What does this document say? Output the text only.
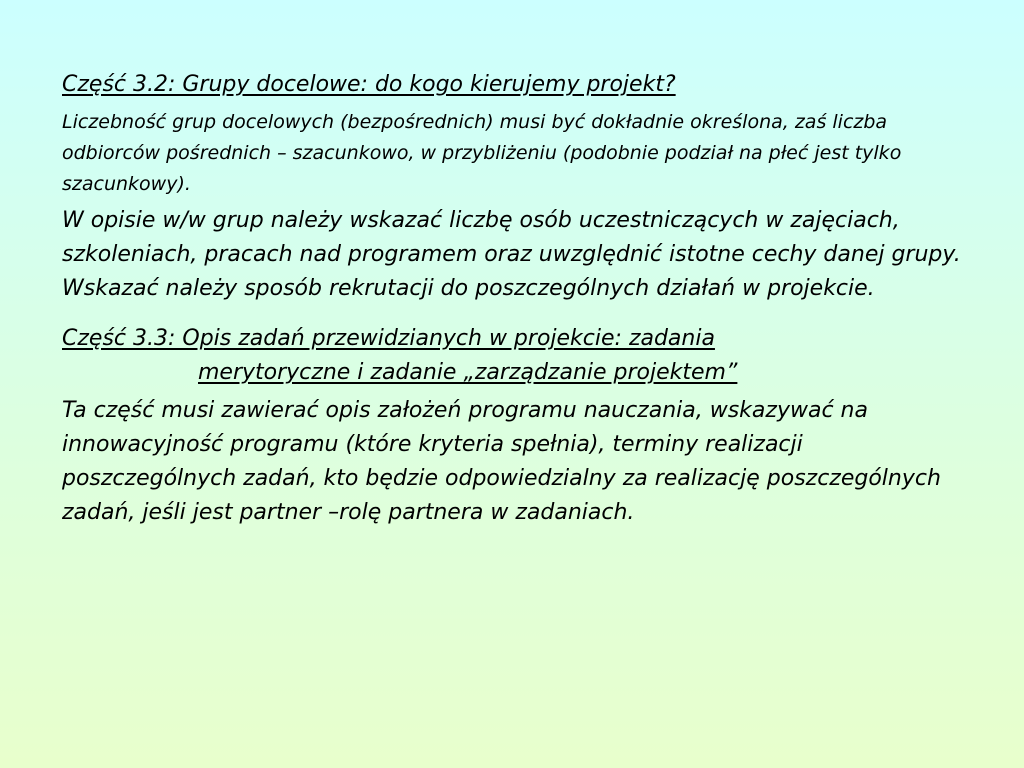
Część 3.2: Grupy docelowe: do kogo kierujemy projekt?

Liczebność grup docelowych (bezpośrednich) musi być dokładnie określona, zaś liczba odbiorców pośrednich – szacunkowo, w przybliżeniu (podobnie podział na płeć jest tylko szacunkowy).

W opisie w/w grup należy wskazać liczbę osób uczestniczących w zajęciach, szkoleniach, pracach nad programem oraz uwzględnić istotne cechy danej grupy. Wskazać należy sposób rekrutacji do poszczególnych działań w projekcie.

Część 3.3: Opis zadań przewidzianych w projekcie: zadania
merytoryczne i zadanie „zarządzanie projektem”

Ta część musi zawierać opis założeń programu nauczania, wskazywać na innowacyjność programu (które kryteria spełnia), terminy realizacji poszczególnych zadań, kto będzie odpowiedzialny za realizację poszczególnych zadań, jeśli jest partner –rolę partnera w zadaniach.
